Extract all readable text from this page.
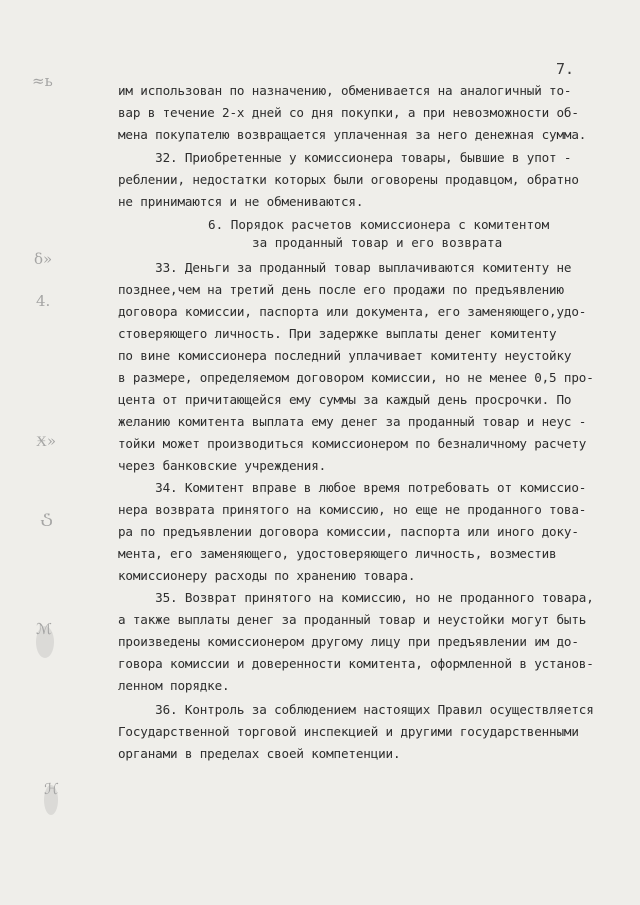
7.
≈ь
δ»
4.
Ӿ»
Ⴢ
ℳ
ℋ
им использован по назначению, обменивается на аналогичный то-
вар в течение 2-х дней со дня покупки, а при невозможности об-
мена покупателю возвращается уплаченная за него денежная сумма.
32. Приобретенные у комиссионера товары, бывшие в упот -
реблении, недостатки которых были оговорены продавцом, обратно
не принимаются и не обмениваются.
6. Порядок расчетов комиссионера с комитентом
за проданный товар и его возврата
33. Деньги за проданный товар выплачиваются комитенту не
позднее,чем на третий день после его продажи по предъявлению
договора комиссии, паспорта или документа, его заменяющего,удо-
стоверяющего личность. При задержке выплаты денег комитенту
по вине комиссионера последний уплачивает комитенту неустойку
в размере, определяемом договором комиссии, но не менее 0,5 про-
цента от причитающейся ему суммы за каждый день просрочки. По
желанию комитента выплата ему денег за проданный товар и неус -
тойки может производиться комиссионером по безналичному расчету
через банковские учреждения.
34. Комитент вправе в любое время потребовать от комиссио-
нера возврата принятого на комиссию, но еще не проданного това-
ра по предъявлении договора комиссии, паспорта или иного доку-
мента, его заменяющего, удостоверяющего личность, возместив
комиссионеру расходы по хранению товара.
35. Возврат принятого на комиссию, но не проданного товара,
а также выплаты денег за проданный товар и неустойки могут быть
произведены комиссионером другому лицу при предъявлении им до-
говора комиссии и доверенности комитента, оформленной в установ-
ленном порядке.
36. Контроль за соблюдением настоящих Правил осуществляется
Государственной торговой инспекцией и другими государственными
органами в пределах своей компетенции.
